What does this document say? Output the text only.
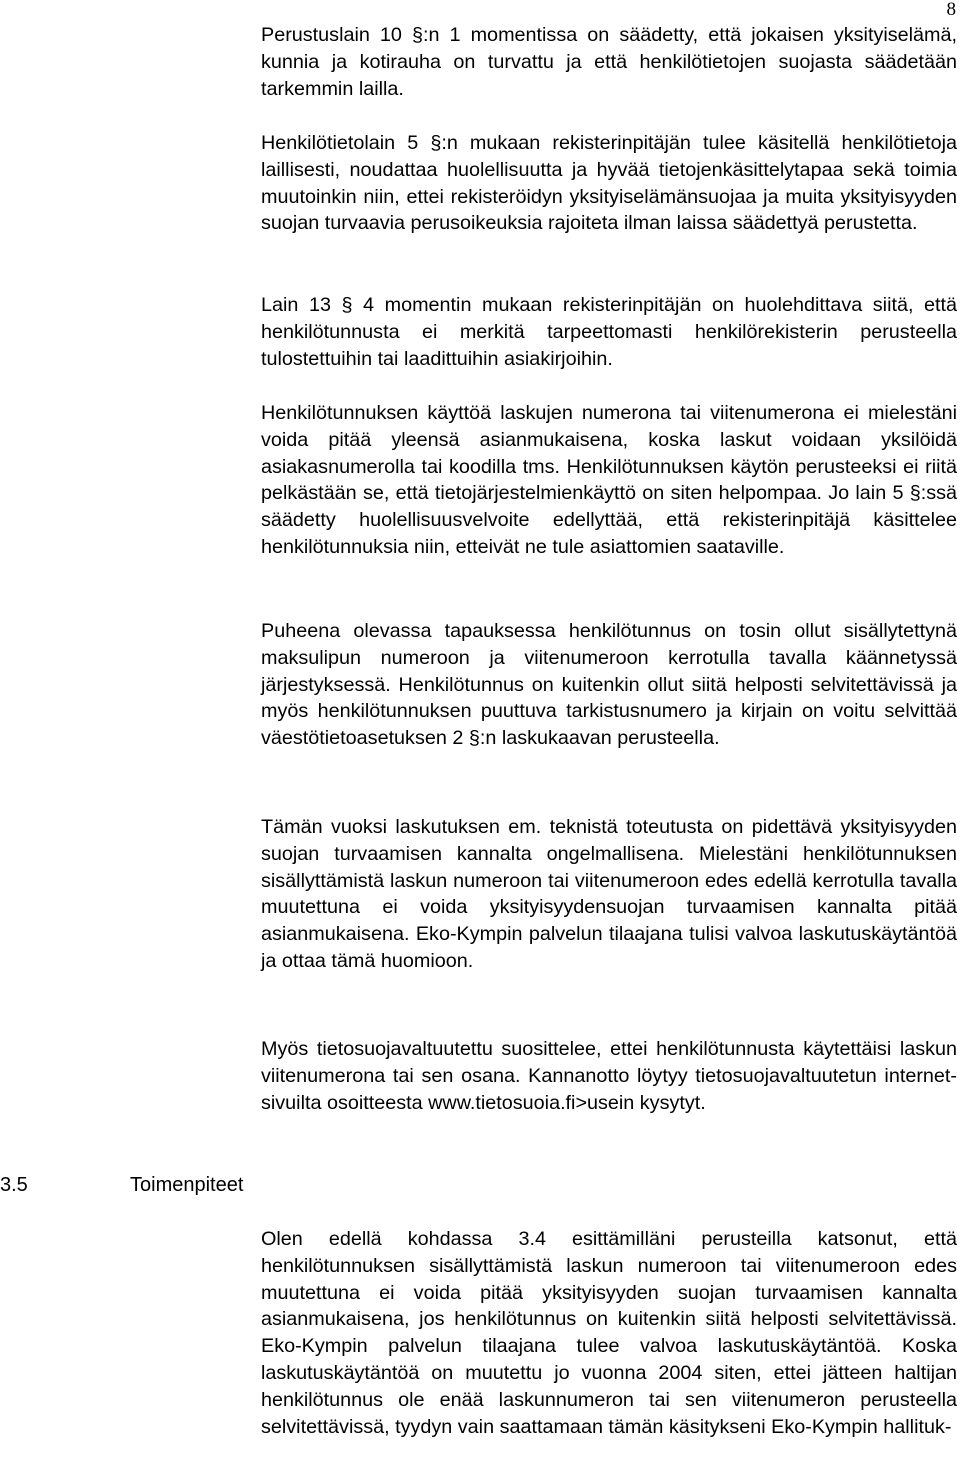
8

Perustuslain 10 §:n 1 momentissa on säädetty, että jokaisen yksityiselämä, kunnia ja kotirauha on turvattu ja että henkilötietojen suojasta säädetään tarkemmin lailla.

Henkilötietolain 5 §:n mukaan rekisterinpitäjän tulee käsitellä henkilötietoja laillisesti, noudattaa huolellisuutta ja hyvää tietojenkäsittelytapaa sekä toimia muutoinkin niin, ettei rekisteröidyn yksityiselämänsuojaa ja muita yksityisyyden suojan turvaavia perusoikeuksia rajoiteta ilman laissa säädettyä perustetta.

Lain 13 § 4 momentin mukaan rekisterinpitäjän on huolehdittava siitä, että henkilötunnusta ei merkitä tarpeettomasti henkilörekisterin perusteella tulostettuihin tai laadittuihin asiakirjoihin.

Henkilötunnuksen käyttöä laskujen numerona tai viitenumerona ei mielestäni voida pitää yleensä asianmukaisena, koska laskut voidaan yksilöidä asiakasnumerolla tai koodilla tms. Henkilötunnuksen käytön perusteeksi ei riitä pelkästään se, että tietojärjestelmienkäyttö on siten helpompaa. Jo lain 5 §:ssä säädetty huolellisuusvelvoite edellyttää, että rekisterinpitäjä käsittelee henkilötunnuksia niin, etteivät ne tule asiattomien saataville.

Puheena olevassa tapauksessa henkilötunnus on tosin ollut sisällytettynä maksulipun numeroon ja viitenumeroon kerrotulla tavalla käännetyssä järjestyksessä. Henkilötunnus on kuitenkin ollut siitä helposti selvitettävissä ja myös henkilötunnuksen puuttuva tarkistusnumero ja kirjain on voitu selvittää väestötietoasetuksen 2 §:n laskukaavan perusteella.

Tämän vuoksi laskutuksen em. teknistä toteutusta on pidettävä yksityisyyden suojan turvaamisen kannalta ongelmallisena. Mielestäni henkilötunnuksen sisällyttämistä laskun numeroon tai viitenumeroon edes edellä kerrotulla tavalla muutettuna ei voida yksityisyydensuojan turvaamisen kannalta pitää asianmukaisena. Eko-Kympin palvelun tilaajana tulisi valvoa laskutuskäytäntöä ja ottaa tämä huomioon.

Myös tietosuojavaltuutettu suosittelee, ettei henkilötunnusta käytettäisi laskun viitenumerona tai sen osana. Kannanotto löytyy tietosuojavaltuutetun internet-sivuilta osoitteesta www.tietosuoia.fi>usein kysytyt.

3.5	Toimenpiteet

Olen edellä kohdassa 3.4 esittämilläni perusteilla katsonut, että henkilötunnuksen sisällyttämistä laskun numeroon tai viitenumeroon edes muutettuna ei voida pitää yksityisyyden suojan turvaamisen kannalta asianmukaisena, jos henkilötunnus on kuitenkin siitä helposti selvitettävissä. Eko-Kympin palvelun tilaajana tulee valvoa laskutuskäytäntöä. Koska laskutuskäytäntöä on muutettu jo vuonna 2004 siten, ettei jätteen haltijan henkilötunnus ole enää laskunnumeron tai sen viitenumeron perusteella selvitettävissä, tyydyn vain saattamaan tämän käsitykseni Eko-Kympin hallituk-
